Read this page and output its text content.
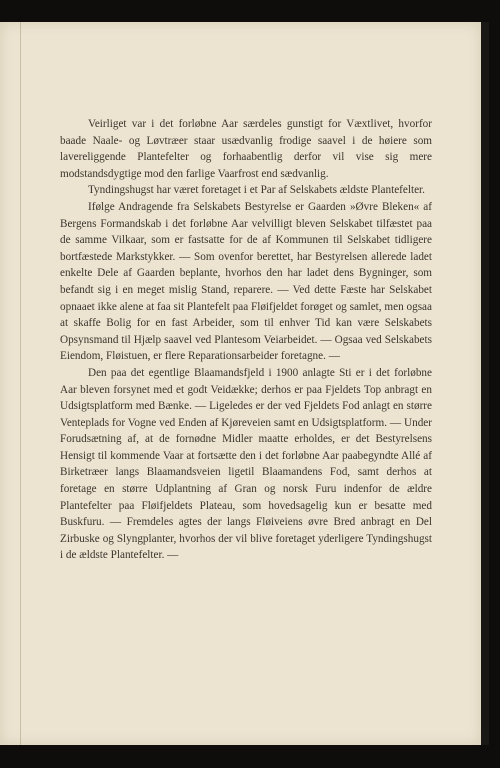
Veirliget var i det forløbne Aar særdeles gunstigt for Væxtlivet, hvorfor baade Naale- og Løvtræer staar usædvanlig frodige saavel i de høiere som lavereliggende Plantefelter og forhaabentlig derfor vil vise sig mere modstandsdygtige mod den farlige Vaarfrost end sædvanlig.

Tyndingshugst har været foretaget i et Par af Selskabets ældste Plantefelter.

Ifølge Andragende fra Selskabets Bestyrelse er Gaarden »Øvre Bleken« af Bergens Formandskab i det forløbne Aar velvilligt bleven Selskabet tilfæstet paa de samme Vilkaar, som er fastsatte for de af Kommunen til Selskabet tidligere bortfæstede Markstykker. — Som ovenfor berettet, har Bestyrelsen allerede ladet enkelte Dele af Gaarden beplante, hvorhos den har ladet dens Bygninger, som befandt sig i en meget mislig Stand, reparere. — Ved dette Fæste har Selskabet opnaaet ikke alene at faa sit Plantefelt paa Fløifjeldet forøget og samlet, men ogsaa at skaffe Bolig for en fast Arbeider, som til enhver Tid kan være Selskabets Opsynsmand til Hjælp saavel ved Plantesom Veiarbeidet. — Ogsaa ved Selskabets Eiendom, Fløistuen, er flere Reparationsarbeider foretagne. —

Den paa det egentlige Blaamandsfjeld i 1900 anlagte Sti er i det forløbne Aar bleven forsynet med et godt Veidække; derhos er paa Fjeldets Top anbragt en Udsigtsplatform med Bænke. — Ligeledes er der ved Fjeldets Fod anlagt en større Venteplads for Vogne ved Enden af Kjøreveien samt en Udsigtsplatform. — Under Forudsætning af, at de fornødne Midler maatte erholdes, er det Bestyrelsens Hensigt til kommende Vaar at fortsætte den i det forløbne Aar paabegyndte Allé af Birketræer langs Blaamandsveien ligetil Blaamandens Fod, samt derhos at foretage en større Udplantning af Gran og norsk Furu indenfor de ældre Plantefelter paa Fløifjeldets Plateau, som hovedsagelig kun er besatte med Buskfuru. — Fremdeles agtes der langs Fløiveiens øvre Bred anbragt en Del Zirbuske og Slyngplanter, hvorhos der vil blive foretaget yderligere Tyndingshugst i de ældste Plantefelter. —
